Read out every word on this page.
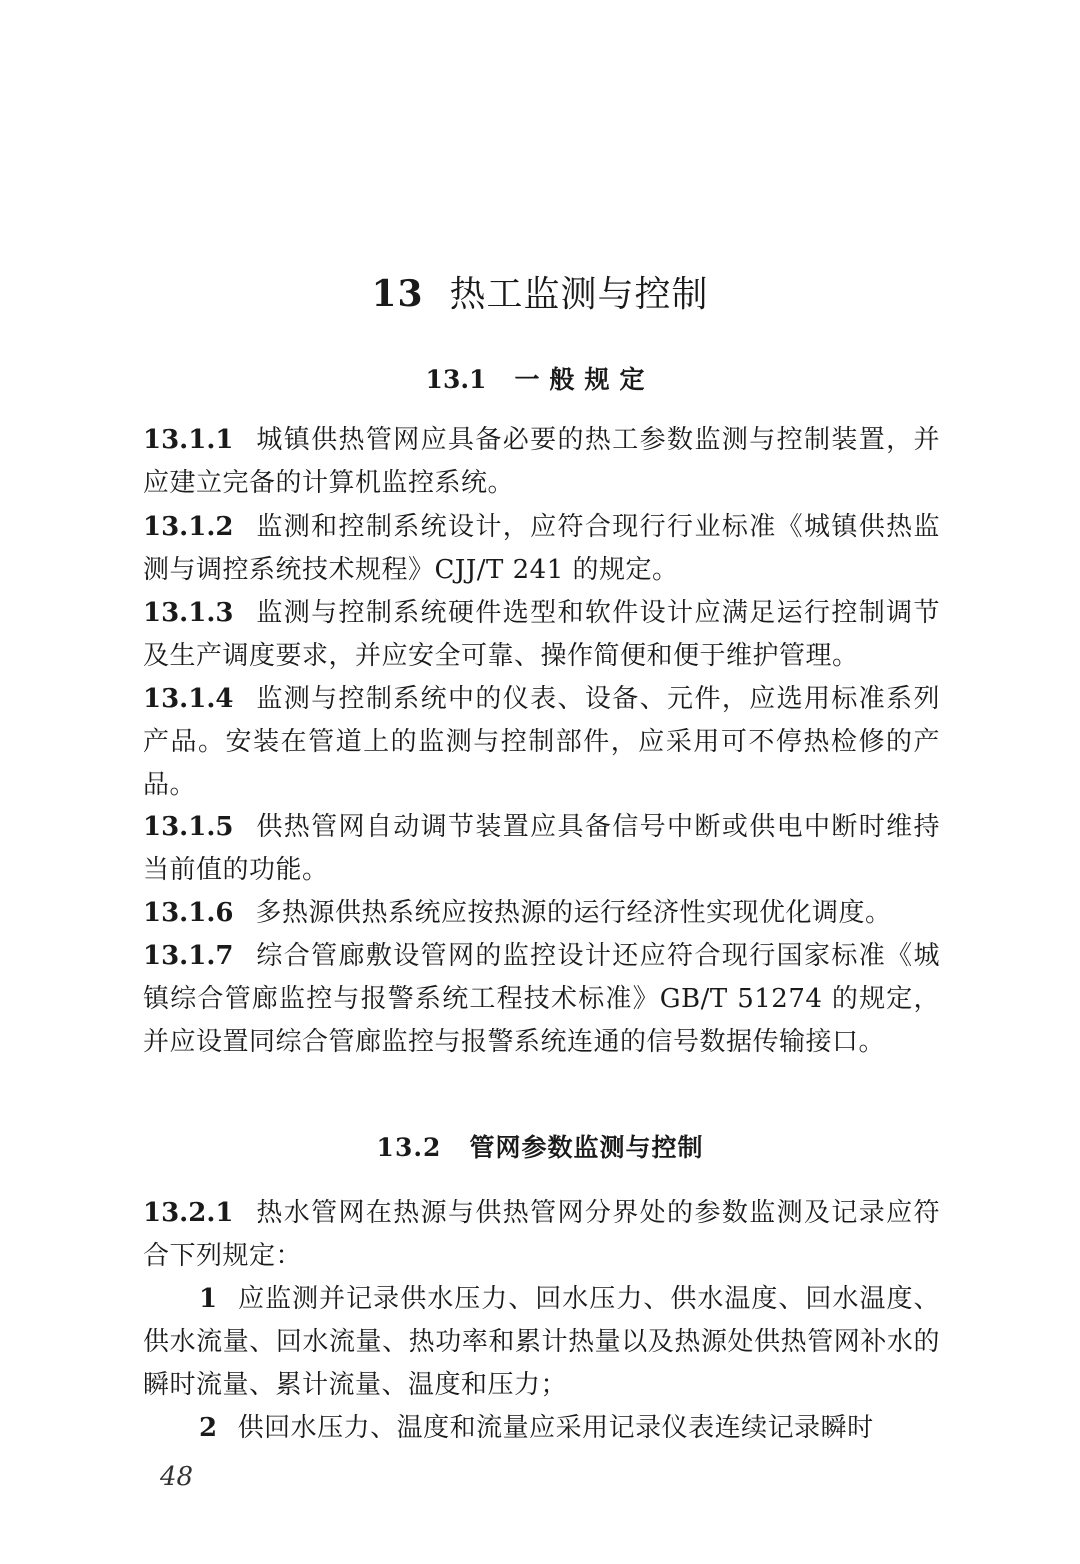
13 热工监测与控制
13.1 一般规定
13.1.1 城镇供热管网应具备必要的热工参数监测与控制装置，并应建立完备的计算机监控系统。
13.1.2 监测和控制系统设计，应符合现行行业标准《城镇供热监测与调控系统技术规程》CJJ/T 241 的规定。
13.1.3 监测与控制系统硬件选型和软件设计应满足运行控制调节及生产调度要求，并应安全可靠、操作简便和便于维护管理。
13.1.4 监测与控制系统中的仪表、设备、元件，应选用标准系列产品。安装在管道上的监测与控制部件，应采用可不停热检修的产品。
13.1.5 供热管网自动调节装置应具备信号中断或供电中断时维持当前值的功能。
13.1.6 多热源供热系统应按热源的运行经济性实现优化调度。
13.1.7 综合管廊敷设管网的监控设计还应符合现行国家标准《城镇综合管廊监控与报警系统工程技术标准》GB/T 51274 的规定，并应设置同综合管廊监控与报警系统连通的信号数据传输接口。
13.2 管网参数监测与控制
13.2.1 热水管网在热源与供热管网分界处的参数监测及记录应符合下列规定：
1 应监测并记录供水压力、回水压力、供水温度、回水温度、供水流量、回水流量、热功率和累计热量以及热源处供热管网补水的瞬时流量、累计流量、温度和压力；
2 供回水压力、温度和流量应采用记录仪表连续记录瞬时
48
